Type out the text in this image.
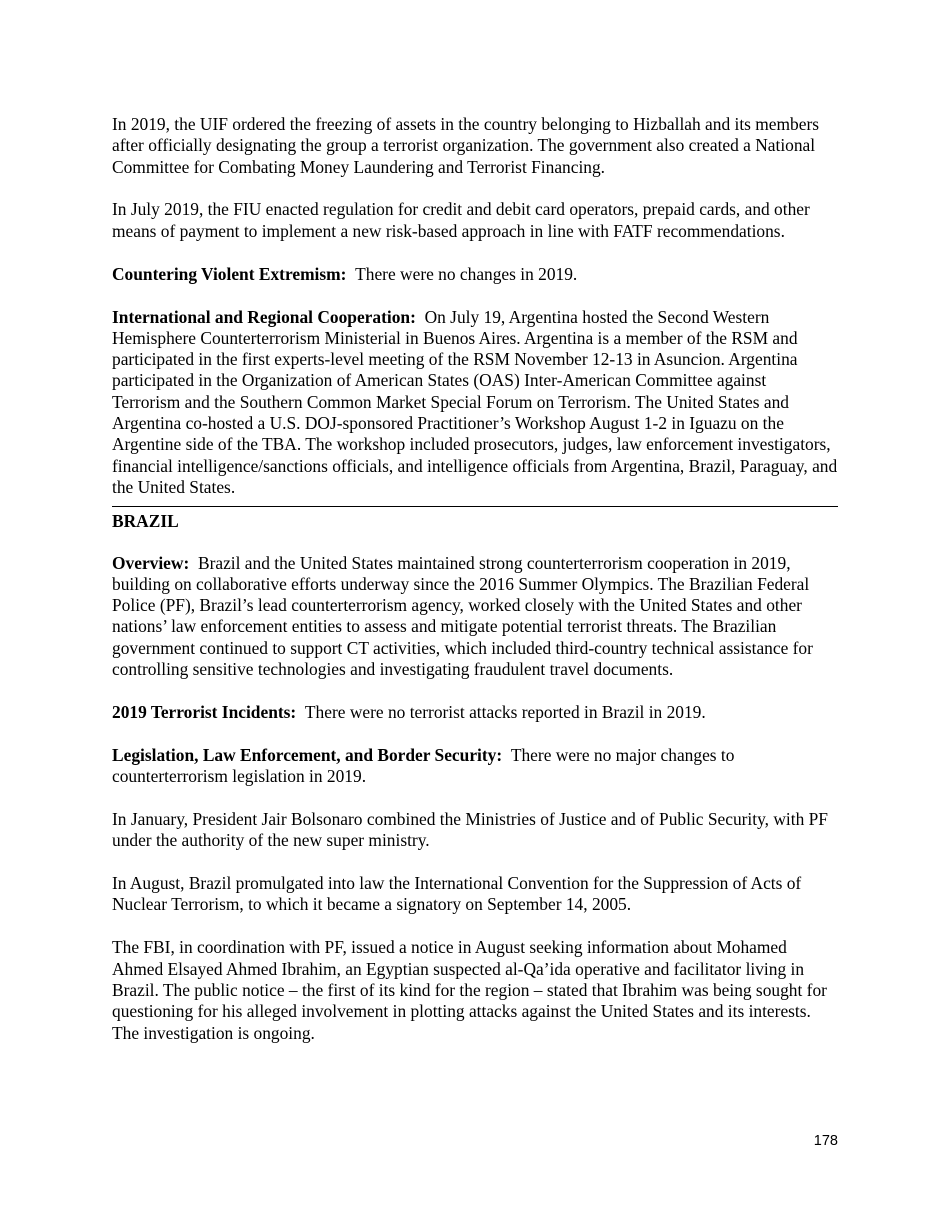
In 2019, the UIF ordered the freezing of assets in the country belonging to Hizballah and its members after officially designating the group a terrorist organization. The government also created a National Committee for Combating Money Laundering and Terrorist Financing.

In July 2019, the FIU enacted regulation for credit and debit card operators, prepaid cards, and other means of payment to implement a new risk-based approach in line with FATF recommendations.

Countering Violent Extremism: There were no changes in 2019.

International and Regional Cooperation: On July 19, Argentina hosted the Second Western Hemisphere Counterterrorism Ministerial in Buenos Aires. Argentina is a member of the RSM and participated in the first experts-level meeting of the RSM November 12-13 in Asuncion. Argentina participated in the Organization of American States (OAS) Inter-American Committee against Terrorism and the Southern Common Market Special Forum on Terrorism. The United States and Argentina co-hosted a U.S. DOJ-sponsored Practitioner’s Workshop August 1-2 in Iguazu on the Argentine side of the TBA. The workshop included prosecutors, judges, law enforcement investigators, financial intelligence/sanctions officials, and intelligence officials from Argentina, Brazil, Paraguay, and the United States.

BRAZIL

Overview: Brazil and the United States maintained strong counterterrorism cooperation in 2019, building on collaborative efforts underway since the 2016 Summer Olympics. The Brazilian Federal Police (PF), Brazil’s lead counterterrorism agency, worked closely with the United States and other nations’ law enforcement entities to assess and mitigate potential terrorist threats. The Brazilian government continued to support CT activities, which included third-country technical assistance for controlling sensitive technologies and investigating fraudulent travel documents.

2019 Terrorist Incidents: There were no terrorist attacks reported in Brazil in 2019.

Legislation, Law Enforcement, and Border Security: There were no major changes to counterterrorism legislation in 2019.

In January, President Jair Bolsonaro combined the Ministries of Justice and of Public Security, with PF under the authority of the new super ministry.

In August, Brazil promulgated into law the International Convention for the Suppression of Acts of Nuclear Terrorism, to which it became a signatory on September 14, 2005.

The FBI, in coordination with PF, issued a notice in August seeking information about Mohamed Ahmed Elsayed Ahmed Ibrahim, an Egyptian suspected al-Qa’ida operative and facilitator living in Brazil. The public notice – the first of its kind for the region – stated that Ibrahim was being sought for questioning for his alleged involvement in plotting attacks against the United States and its interests. The investigation is ongoing.

178
